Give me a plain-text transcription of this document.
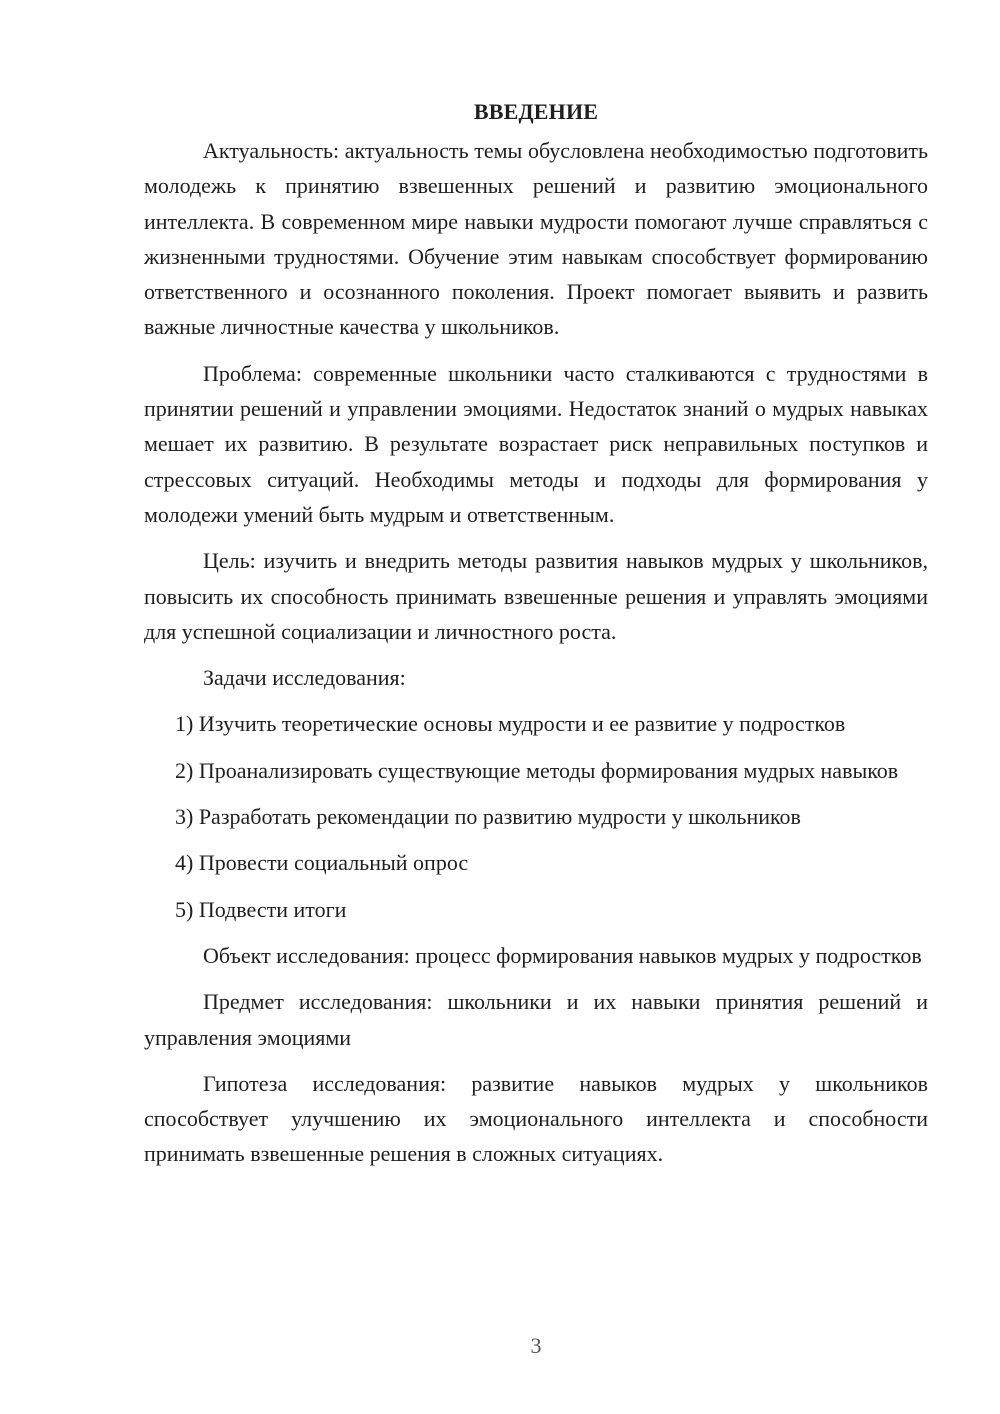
ВВЕДЕНИЕ

Актуальность: актуальность темы обусловлена необходимостью подготовить молодежь к принятию взвешенных решений и развитию эмоционального интеллекта. В современном мире навыки мудрости помогают лучше справляться с жизненными трудностями. Обучение этим навыкам способствует формированию ответственного и осознанного поколения. Проект помогает выявить и развить важные личностные качества у школьников.

Проблема: современные школьники часто сталкиваются с трудностями в принятии решений и управлении эмоциями. Недостаток знаний о мудрых навыках мешает их развитию. В результате возрастает риск неправильных поступков и стрессовых ситуаций. Необходимы методы и подходы для формирования у молодежи умений быть мудрым и ответственным.

Цель: изучить и внедрить методы развития навыков мудрых у школьников, повысить их способность принимать взвешенные решения и управлять эмоциями для успешной социализации и личностного роста.

Задачи исследования:

1) Изучить теоретические основы мудрости и ее развитие у подростков

2) Проанализировать существующие методы формирования мудрых навыков

3) Разработать рекомендации по развитию мудрости у школьников

4) Провести социальный опрос

5) Подвести итоги

Объект исследования: процесс формирования навыков мудрых у подростков

Предмет исследования: школьники и их навыки принятия решений и управления эмоциями

Гипотеза исследования: развитие навыков мудрых у школьников способствует улучшению их эмоционального интеллекта и способности принимать взвешенные решения в сложных ситуациях.

3
